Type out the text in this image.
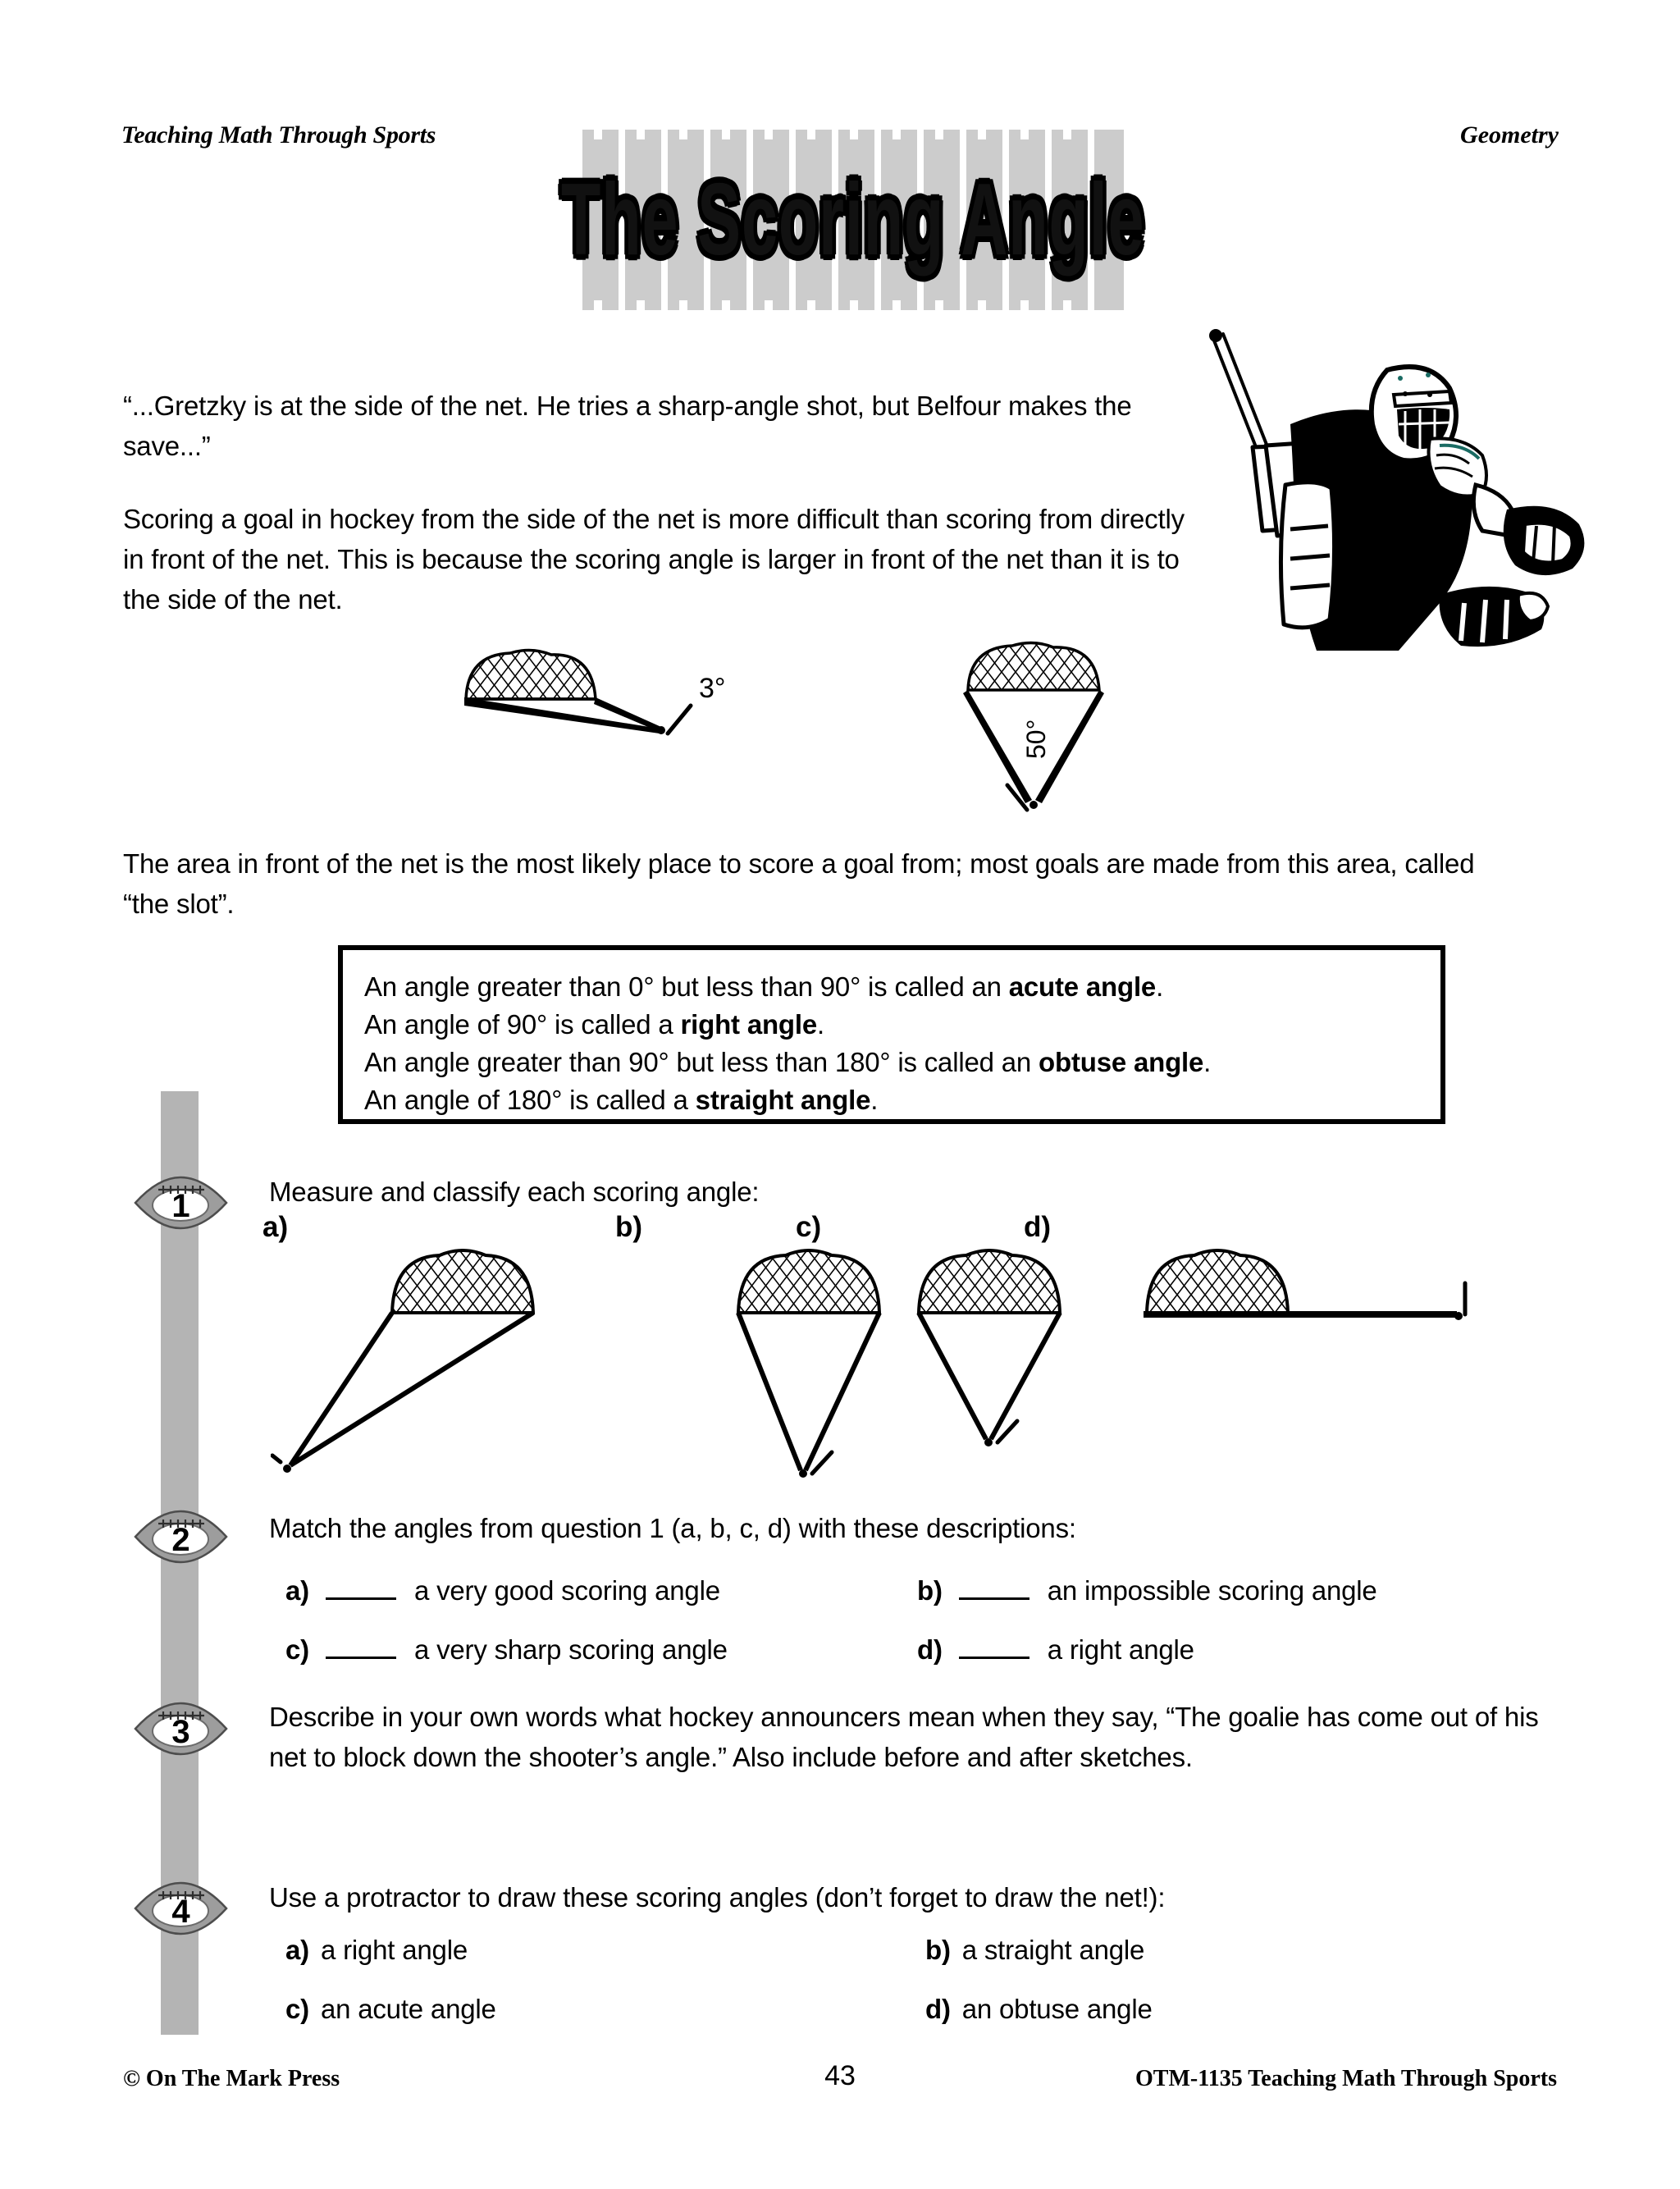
Teaching Math Through Sports	Geometry
The Scoring Angle
“...Gretzky is at the side of the net. He tries a sharp-angle shot, but Belfour makes the save...”
Scoring a goal in hockey from the side of the net is more difficult than scoring from directly in front of the net. This is because the scoring angle is larger in front of the net than it is to the side of the net.
3°
50°
The area in front of the net is the most likely place to score a goal from; most goals are made from this area, called “the slot”.
An angle greater than 0° but less than 90° is called an acute angle.
An angle of 90° is called a right angle.
An angle greater than 90° but less than 180° is called an obtuse angle.
An angle of 180° is called a straight angle.
1
2
3
4
Measure and classify each scoring angle:
a)	b)	c)	d)
Match the angles from question 1 (a, b, c, d) with these descriptions:
a)	a very good scoring angle	b)	an impossible scoring angle
c)	a very sharp scoring angle	d)	a right angle
Describe in your own words what hockey announcers mean when they say, “The goalie has come out of his net to block down the shooter’s angle.” Also include before and after sketches.
Use a protractor to draw these scoring angles (don’t forget to draw the net!):
a) a right angle	b) a straight angle
c) an acute angle	d) an obtuse angle
© On The Mark Press	43	OTM-1135 Teaching Math Through Sports
